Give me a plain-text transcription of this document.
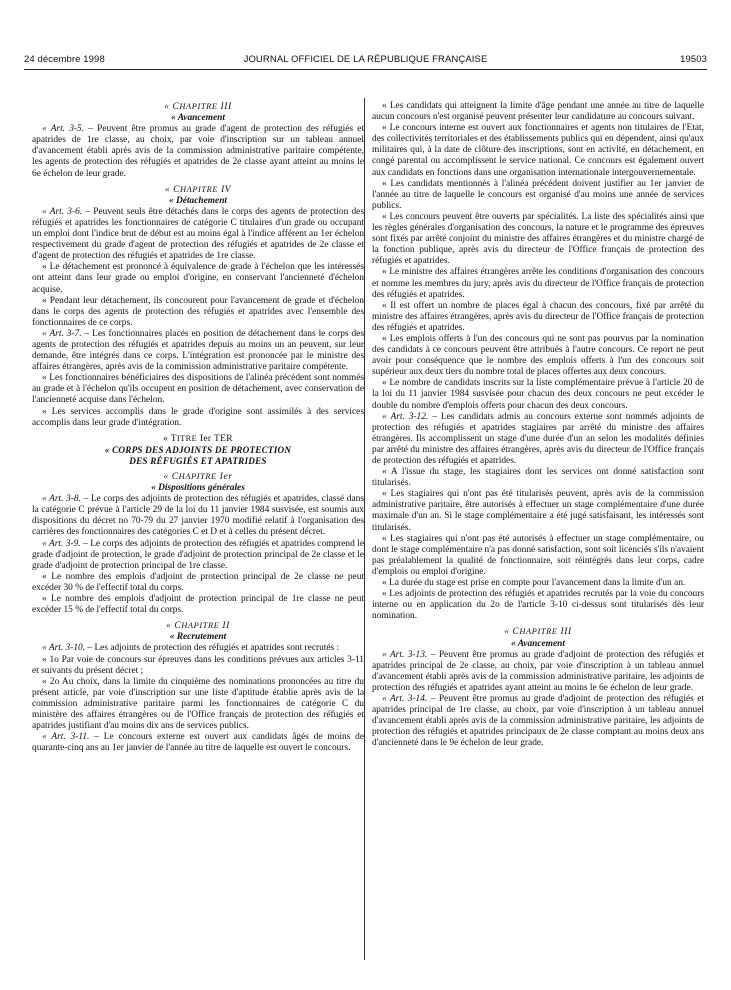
24 décembre 1998	JOURNAL OFFICIEL DE LA RÉPUBLIQUE FRANÇAISE	19503

« CHAPITRE III

« Avancement

« Art. 3-5. – Peuvent être promus au grade d'agent de protection des réfugiés et apatrides de 1re classe, au choix, par voie d'inscription sur un tableau annuel d'avancement établi après avis de la commission administrative paritaire compétente, les agents de protection des réfugiés et apatrides de 2e classe ayant atteint au moins le 6e échelon de leur grade.

« CHAPITRE IV

« Détachement

« Art. 3-6. – Peuvent seuls être détachés dans le corps des agents de protection des réfugiés et apatrides les fonctionnaires de catégorie C titulaires d'un grade ou occupant un emploi dont l'indice brut de début est au moins égal à l'indice afférent au 1er échelon respectivement du grade d'agent de protection des réfugiés et apatrides de 2e classe et d'agent de protection des réfugiés et apatrides de 1re classe.

« Le détachement est prononcé à équivalence de grade à l'échelon que les intéressés ont atteint dans leur grade ou emploi d'origine, en conservant l'ancienneté d'échelon acquise.

« Pendant leur détachement, ils concourent pour l'avancement de grade et d'échelon dans le corps des agents de protection des réfugiés et apatrides avec l'ensemble des fonctionnaires de ce corps.

« Art. 3-7. – Les fonctionnaires placés en position de détachement dans le corps des agents de protection des réfugiés et apatrides depuis au moins un an peuvent, sur leur demande, être intégrés dans ce corps. L'intégration est prononcée par le ministre des affaires étrangères, après avis de la commission administrative paritaire compétente.

« Les fonctionnaires bénéficiaires des dispositions de l'alinéa précédent sont nommés au grade et à l'échelon qu'ils occupent en position de détachement, avec conservation de l'ancienneté acquise dans l'échelon.

« Les services accomplis dans le grade d'origine sont assimilés à des services accomplis dans leur grade d'intégration.

« TITRE Ier TER

« CORPS DES ADJOINTS DE PROTECTION

DES RÉFUGIÉS ET APATRIDES

« CHAPITRE Ier

« Dispositions générales

« Art. 3-8. – Le corps des adjoints de protection des réfugiés et apatrides, classé dans la catégorie C prévue à l'article 29 de la loi du 11 janvier 1984 susvisée, est soumis aux dispositions du décret no 70-79 du 27 janvier 1970 modifié relatif à l'organisation des carrières des fonctionnaires des catégories C et D et à celles du présent décret.

« Art. 3-9. – Le corps des adjoints de protection des réfugiés et apatrides comprend le grade d'adjoint de protection, le grade d'adjoint de protection principal de 2e classe et le grade d'adjoint de protection principal de 1re classe.

« Le nombre des emplois d'adjoint de protection principal de 2e classe ne peut excéder 30 % de l'effectif total du corps.

« Le nombre des emplois d'adjoint de protection principal de 1re classe ne peut excéder 15 % de l'effectif total du corps.

« CHAPITRE II

« Recrutement

« Art. 3-10. – Les adjoints de protection des réfugiés et apatrides sont recrutés :

« 1o Par voie de concours sur épreuves dans les conditions prévues aux articles 3-11 et suivants du présent décret ;

« 2o Au choix, dans la limite du cinquième des nominations prononcées au titre du présent article, par voie d'inscription sur une liste d'aptitude établie après avis de la commission administrative paritaire parmi les fonctionnaires de catégorie C du ministère des affaires étrangères ou de l'Office français de protection des réfugiés et apatrides justifiant d'au moins dix ans de services publics.

« Art. 3-11. – Le concours externe est ouvert aux candidats âgés de moins de quarante-cinq ans au 1er janvier de l'année au titre de laquelle est ouvert le concours.

« Les candidats qui atteignent la limite d'âge pendant une année au titre de laquelle aucun concours n'est organisé peuvent présenter leur candidature au concours suivant.

« Le concours interne est ouvert aux fonctionnaires et agents non titulaires de l'Etat, des collectivités territoriales et des établissements publics qui en dépendent, ainsi qu'aux militaires qui, à la date de clôture des inscriptions, sont en activité, en détachement, en congé parental ou accomplissent le service national. Ce concours est également ouvert aux candidats en fonctions dans une organisation internationale intergouvernementale.

« Les candidats mentionnés à l'alinéa précédent doivent justifier au 1er janvier de l'année au titre de laquelle le concours est organisé d'au moins une année de services publics.

« Les concours peuvent être ouverts par spécialités. La liste des spécialités ainsi que les règles générales d'organisation des concours, la nature et le programme des épreuves sont fixés par arrêté conjoint du ministre des affaires étrangères et du ministre chargé de la fonction publique, après avis du directeur de l'Office français de protection des réfugiés et apatrides.

« Le ministre des affaires étrangères arrête les conditions d'organisation des concours et nomme les membres du jury, après avis du directeur de l'Office français de protection des réfugiés et apatrides.

« Il est offert un nombre de places égal à chacun des concours, fixé par arrêté du ministre des affaires étrangères, après avis du directeur de l'Office français de protection des réfugiés et apatrides.

« Les emplois offerts à l'un des concours qui ne sont pas pourvus par la nomination des candidats à ce concours peuvent être attribués à l'autre concours. Ce report ne peut avoir pour conséquence que le nombre des emplois offerts à l'un des concours soit supérieur aux deux tiers du nombre total de places offertes aux deux concours.

« Le nombre de candidats inscrits sur la liste complémentaire prévue à l'article 20 de la loi du 11 janvier 1984 susvisée pour chacun des deux concours ne peut excéder le double du nombre d'emplois offerts pour chacun des deux concours.

« Art. 3-12. – Les candidats admis au concours externe sont nommés adjoints de protection des réfugiés et apatrides stagiaires par arrêté du ministre des affaires étrangères. Ils accomplissent un stage d'une durée d'un an selon les modalités définies par arrêté du ministre des affaires étrangères, après avis du directeur de l'Office français de protection des réfugiés et apatrides.

« A l'issue du stage, les stagiaires dont les services ont donné satisfaction sont titularisés.

« Les stagiaires qui n'ont pas été titularisés peuvent, après avis de la commission administrative paritaire, être autorisés à effectuer un stage complémentaire d'une durée maximale d'un an. Si le stage complémentaire a été jugé satisfaisant, les intéressés sont titularisés.

« Les stagiaires qui n'ont pas été autorisés à effectuer un stage complémentaire, ou dont le stage complémentaire n'a pas donné satisfaction, sont soit licenciés s'ils n'avaient pas préalablement la qualité de fonctionnaire, soit réintégrés dans leur corps, cadre d'emplois ou emploi d'origine.

« La durée du stage est prise en compte pour l'avancement dans la limite d'un an.

« Les adjoints de protection des réfugiés et apatrides recrutés par la voie du concours interne ou en application du 2o de l'article 3-10 ci-dessus sont titularisés dès leur nomination.

« CHAPITRE III

« Avancement

« Art. 3-13. – Peuvent être promus au grade d'adjoint de protection des réfugiés et apatrides principal de 2e classe, au choix, par voie d'inscription à un tableau annuel d'avancement établi après avis de la commission administrative paritaire, les adjoints de protection des réfugiés et apatrides ayant atteint au moins le 6e échelon de leur grade.

« Art. 3-14. – Peuvent être promus au grade d'adjoint de protection des réfugiés et apatrides principal de 1re classe, au choix, par voie d'inscription à un tableau annuel d'avancement établi après avis de la commission administrative paritaire, les adjoints de protection des réfugiés et apatrides principaux de 2e classe comptant au moins deux ans d'ancienneté dans le 9e échelon de leur grade.
